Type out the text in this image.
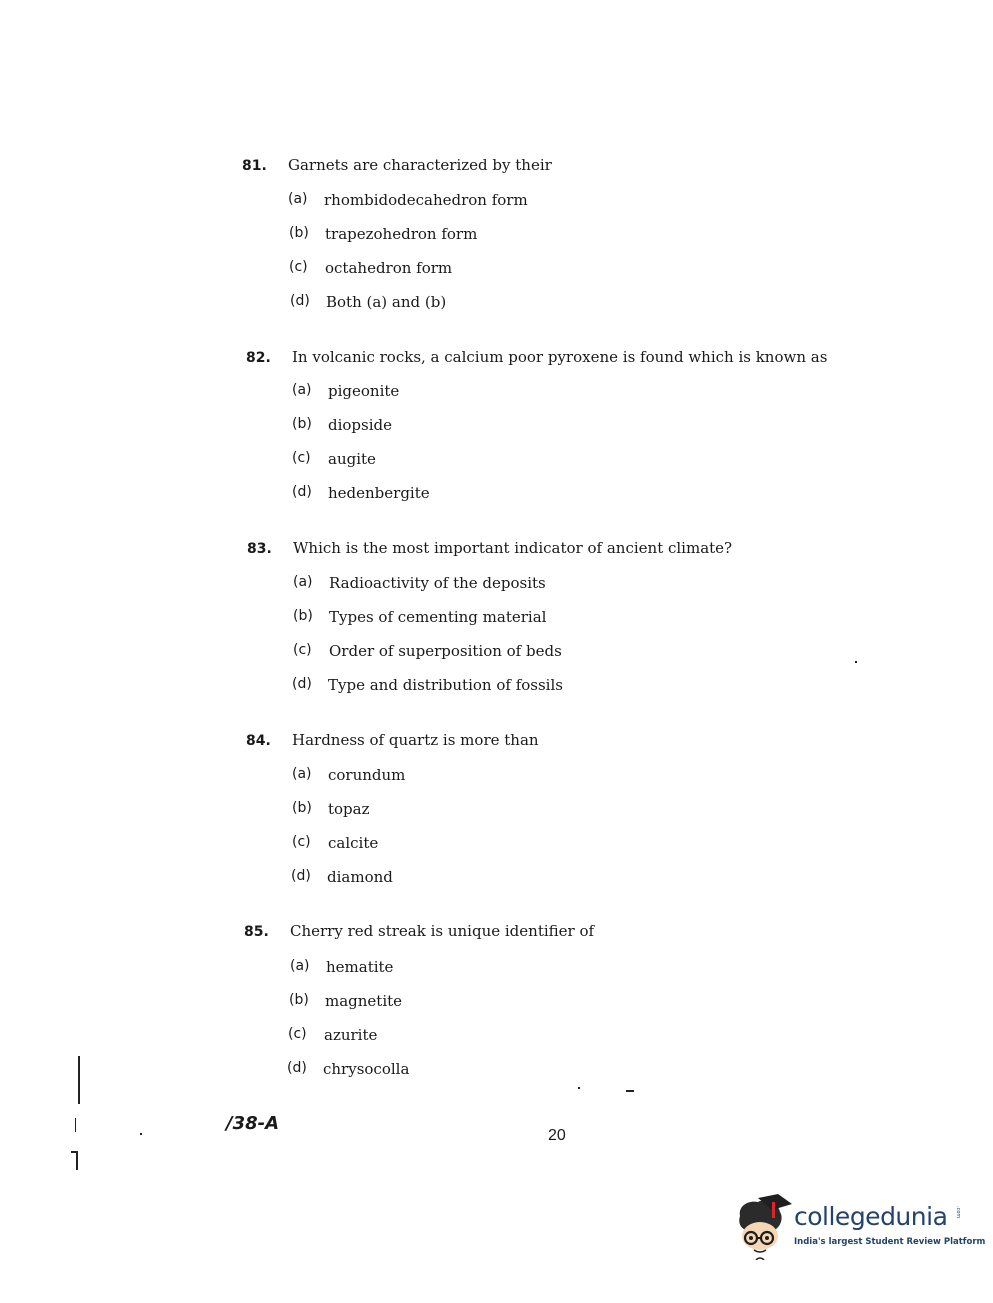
81. Garnets are characterized by their
(a) rhombidodecahedron form
(b) trapezohedron form
(c) octahedron form
(d) Both (a) and (b)
82. In volcanic rocks, a calcium poor pyroxene is found which is known as
(a) pigeonite
(b) diopside
(c) augite
(d) hedenbergite
83. Which is the most important indicator of ancient climate?
(a) Radioactivity of the deposits
(b) Types of cementing material
(c) Order of superposition of beds
(d) Type and distribution of fossils
84. Hardness of quartz is more than
(a) corundum
(b) topaz
(c) calcite
(d) diamond
85. Cherry red streak is unique identifier of
(a) hematite
(b) magnetite
(c) azurite
(d) chrysocolla
/38-A
20
collegedunia	.com
India's largest Student Review Platform
